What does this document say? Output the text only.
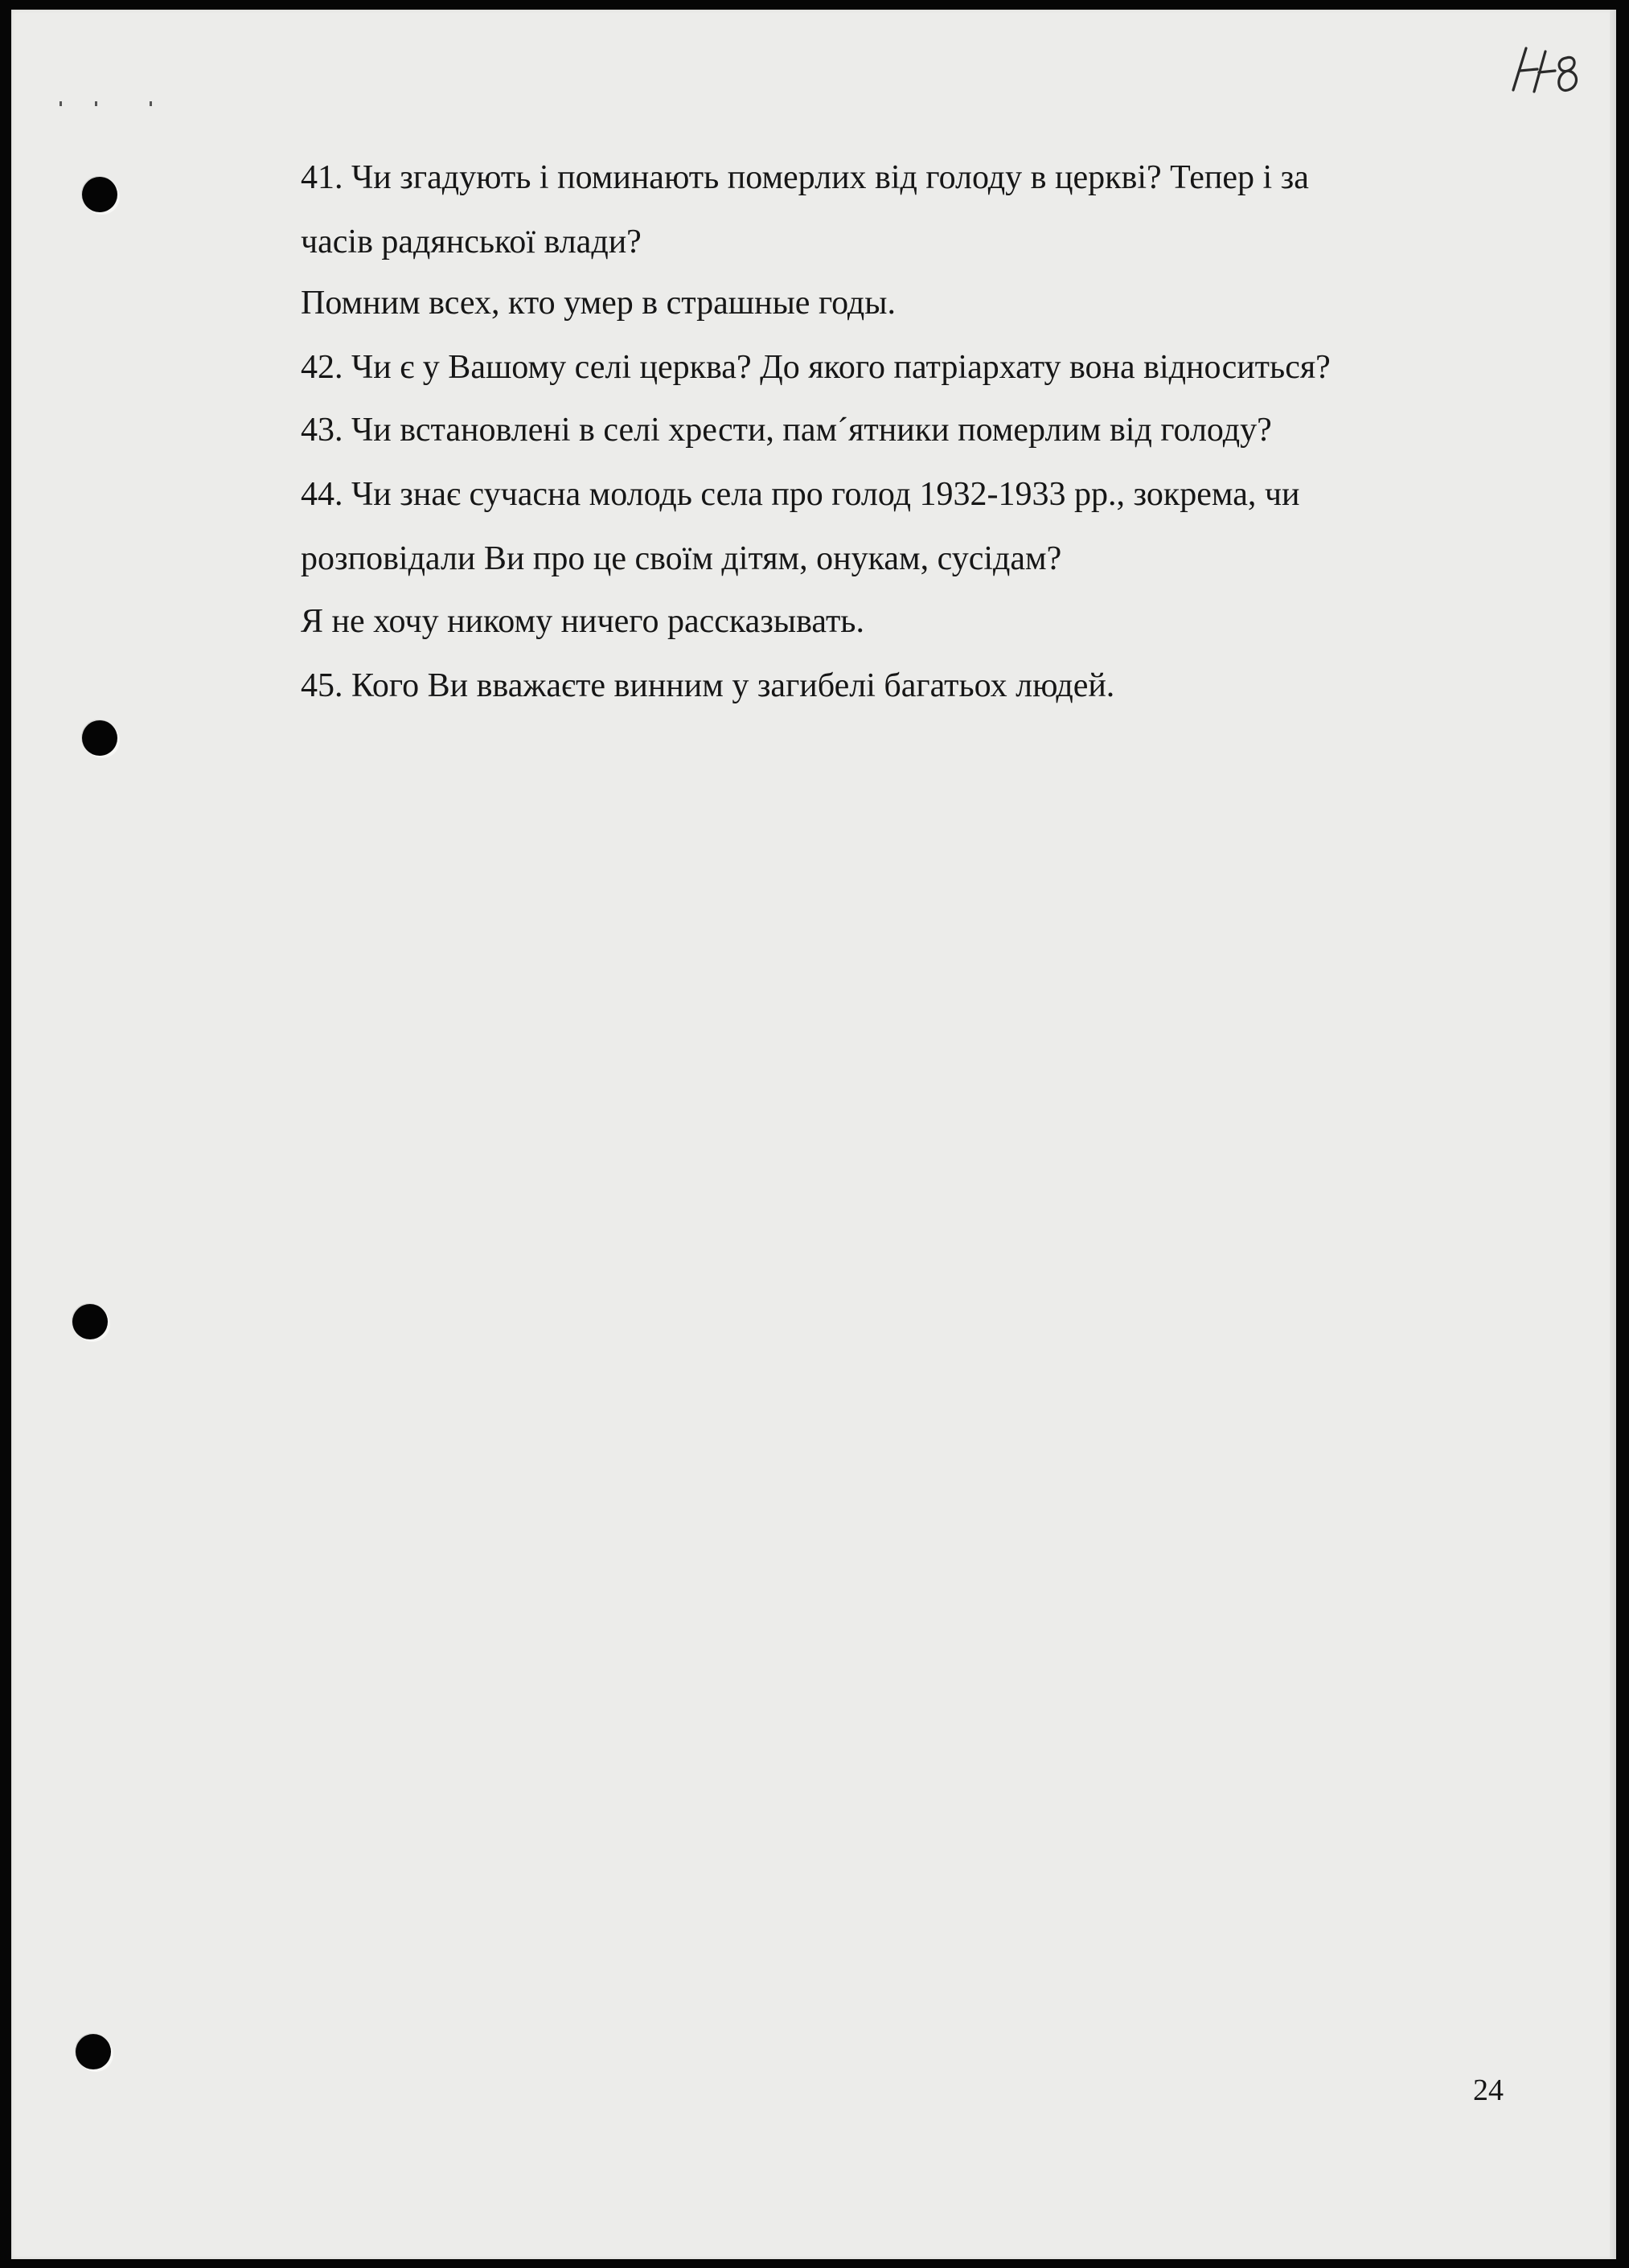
41. Чи згадують і поминають померлих від голоду в церкві? Тепер і за
часів радянської влади?
Помним всех, кто умер в страшные годы.
42. Чи є у Вашому селі церква? До якого патріархату вона відноситься?
43. Чи встановлені в селі хрести, пам´ятники померлим від голоду?
44. Чи знає сучасна молодь села про голод 1932-1933 рр., зокрема, чи
розповідали Ви про це своїм дітям, онукам, сусідам?
Я не хочу никому ничего рассказывать.
45. Кого Ви вважаєте винним у загибелі багатьох людей.
24
